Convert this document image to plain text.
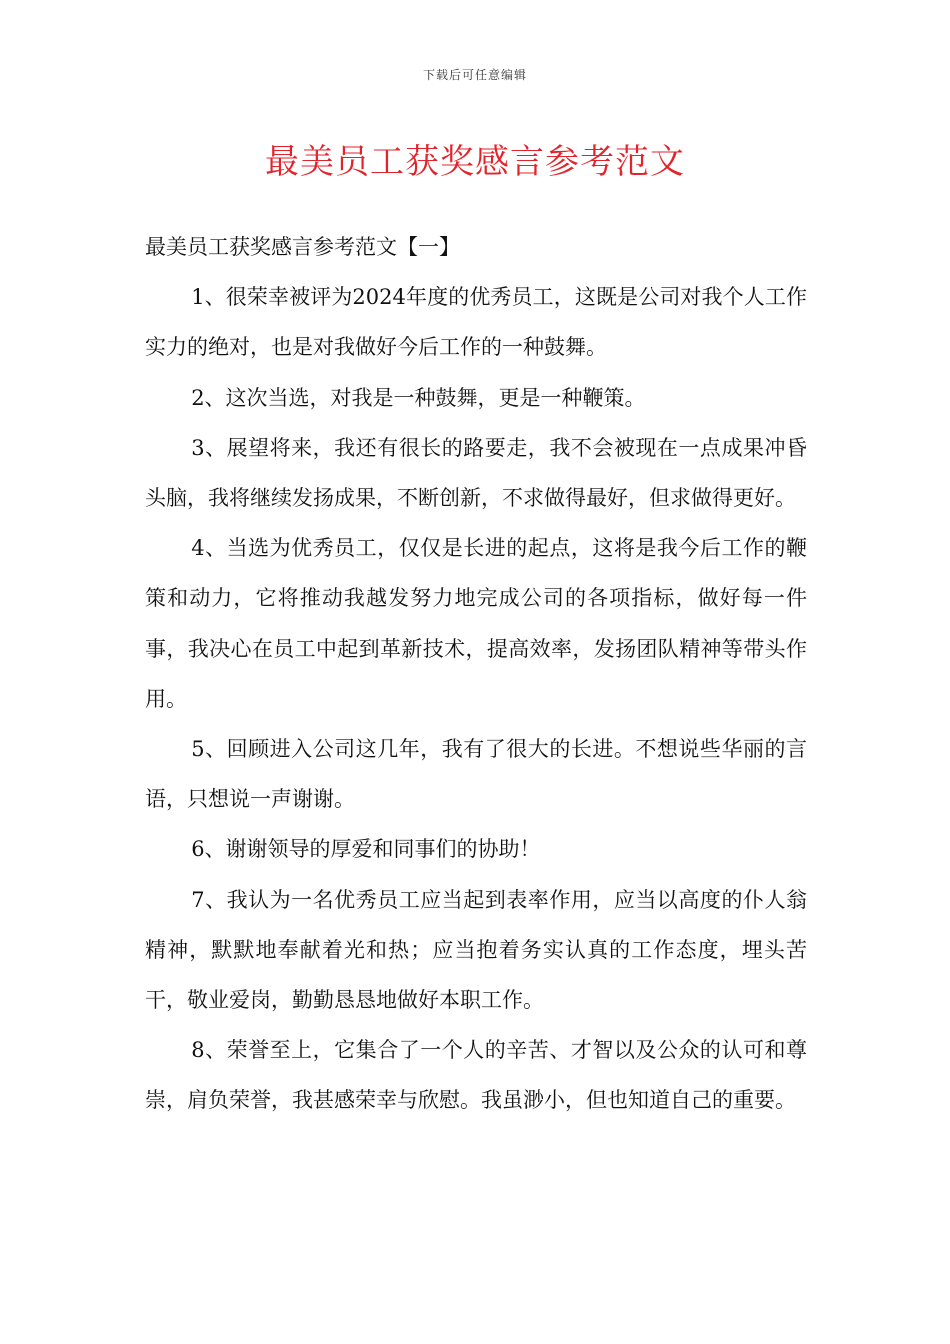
下载后可任意编辑
最美员工获奖感言参考范文

最美员工获奖感言参考范文【一】

1、很荣幸被评为2024年度的优秀员工，这既是公司对我个人工作实力的绝对，也是对我做好今后工作的一种鼓舞。

2、这次当选，对我是一种鼓舞，更是一种鞭策。

3、展望将来，我还有很长的路要走，我不会被现在一点成果冲昏头脑，我将继续发扬成果，不断创新，不求做得最好，但求做得更好。

4、当选为优秀员工，仅仅是长进的起点，这将是我今后工作的鞭策和动力，它将推动我越发努力地完成公司的各项指标，做好每一件事，我决心在员工中起到革新技术，提高效率，发扬团队精神等带头作用。

5、回顾进入公司这几年，我有了很大的长进。不想说些华丽的言语，只想说一声谢谢。

6、谢谢领导的厚爱和同事们的协助！

7、我认为一名优秀员工应当起到表率作用，应当以高度的仆人翁精神，默默地奉献着光和热；应当抱着务实认真的工作态度，埋头苦干，敬业爱岗，勤勤恳恳地做好本职工作。

8、荣誉至上，它集合了一个人的辛苦、才智以及公众的认可和尊崇，肩负荣誉，我甚感荣幸与欣慰。我虽渺小，但也知道自己的重要。
